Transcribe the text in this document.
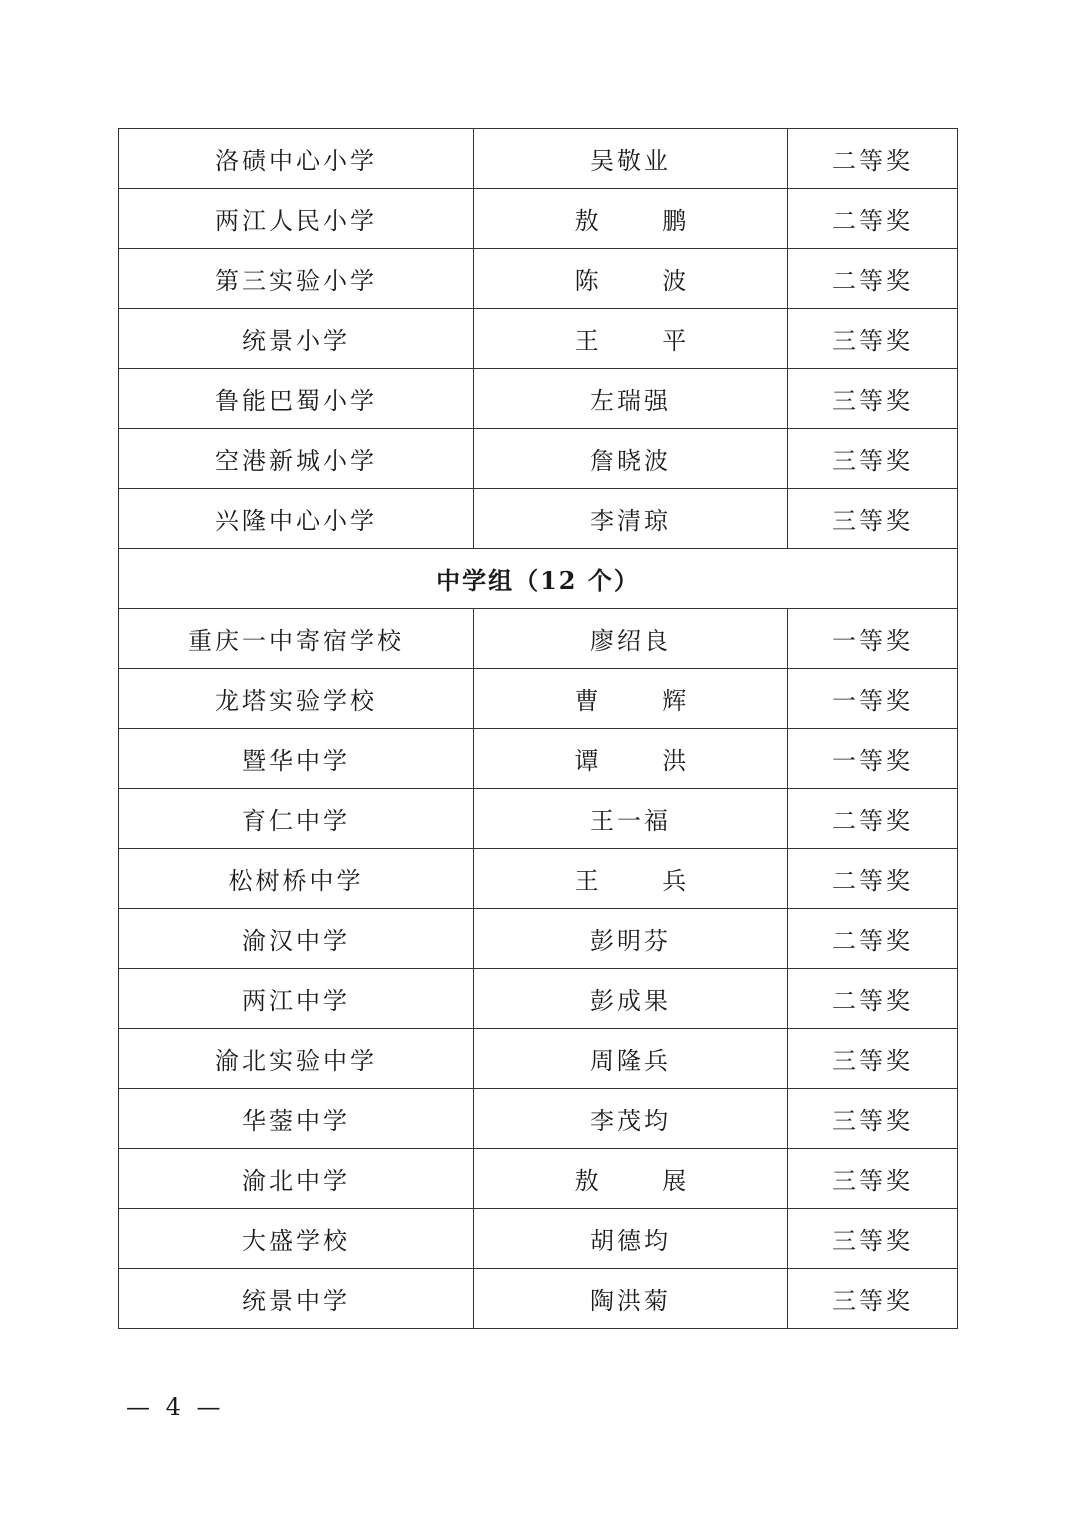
洛碛中心小学	吴敬业	二等奖
两江人民小学	敖 鹏	二等奖
第三实验小学	陈 波	二等奖
统景小学	王 平	三等奖
鲁能巴蜀小学	左瑞强	三等奖
空港新城小学	詹晓波	三等奖
兴隆中心小学	李清琼	三等奖
中学组（12 个）		
重庆一中寄宿学校	廖绍良	一等奖
龙塔实验学校	曹 辉	一等奖
暨华中学	谭 洪	一等奖
育仁中学	王一福	二等奖
松树桥中学	王 兵	二等奖
渝汉中学	彭明芬	二等奖
两江中学	彭成果	二等奖
渝北实验中学	周隆兵	三等奖
华蓥中学	李茂均	三等奖
渝北中学	敖 展	三等奖
大盛学校	胡德均	三等奖
统景中学	陶洪菊	三等奖
— 4 —
